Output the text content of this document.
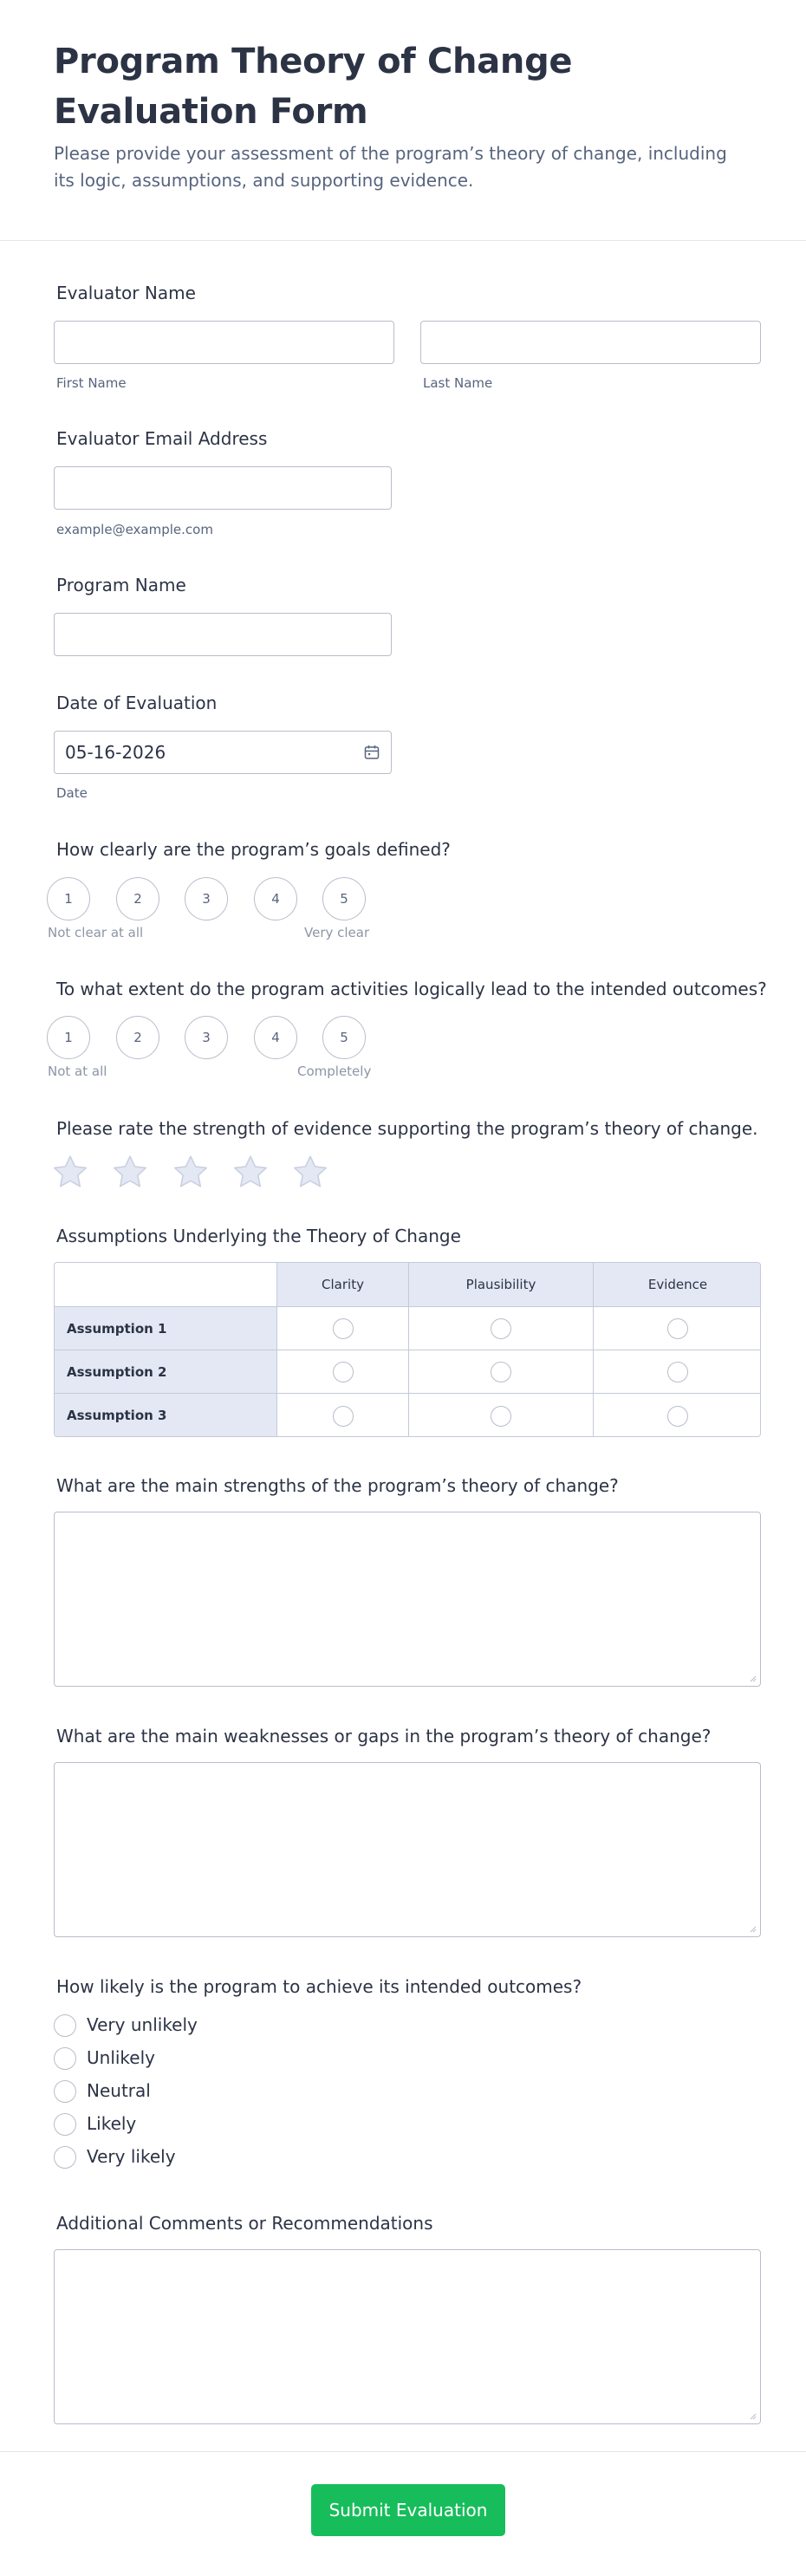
Program Theory of Change Evaluation Form
Please provide your assessment of the program’s theory of change, including its logic, assumptions, and supporting evidence.
Evaluator Name
First Name	Last Name
Evaluator Email Address
example@example.com
Program Name
Date of Evaluation
05-16-2026
Date
How clearly are the program’s goals defined?
1	2	3	4	5
Not clear at all	Very clear
To what extent do the program activities logically lead to the intended outcomes?
1	2	3	4	5
Not at all	Completely
Please rate the strength of evidence supporting the program’s theory of change.
Assumptions Underlying the Theory of Change
Clarity	Plausibility	Evidence
Assumption 1
Assumption 2
Assumption 3
What are the main strengths of the program’s theory of change?
What are the main weaknesses or gaps in the program’s theory of change?
How likely is the program to achieve its intended outcomes?
Very unlikely
Unlikely
Neutral
Likely
Very likely
Additional Comments or Recommendations
Submit Evaluation
